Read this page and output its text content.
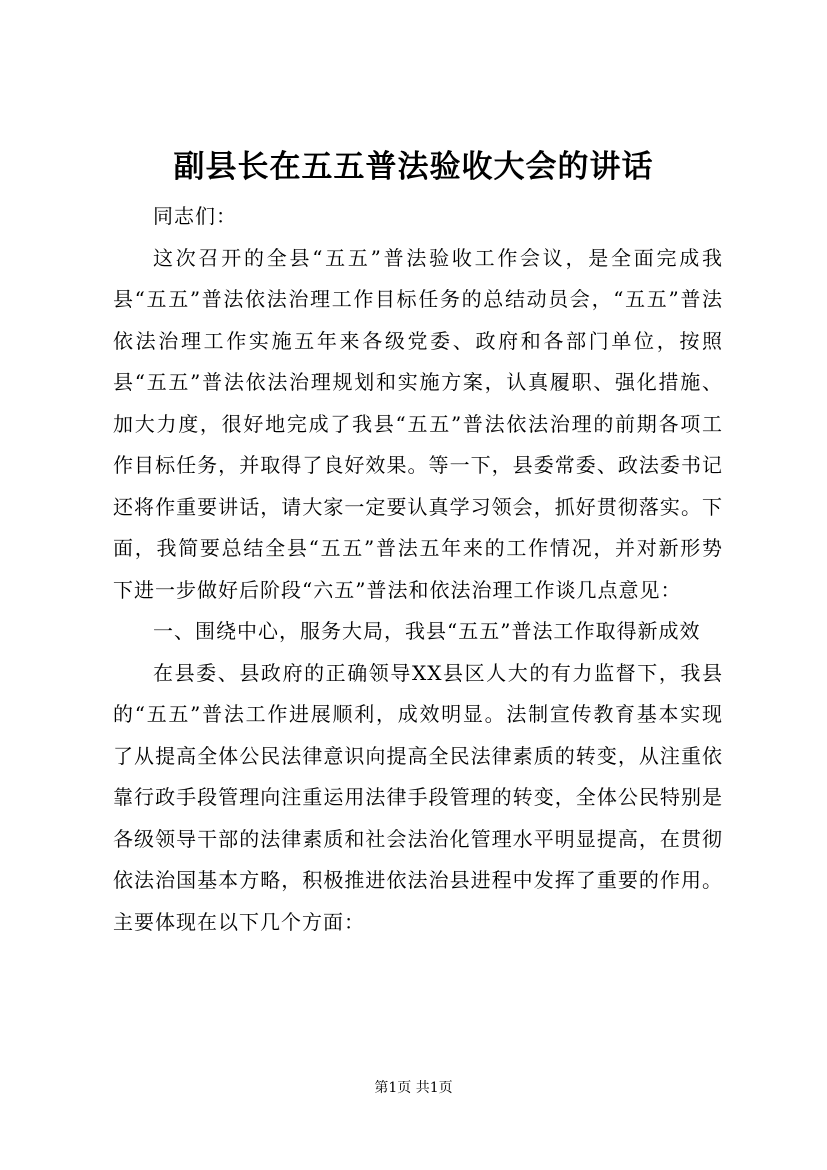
副县长在五五普法验收大会的讲话

同志们：

这次召开的全县“五五”普法验收工作会议，是全面完成我县“五五”普法依法治理工作目标任务的总结动员会，“五五”普法依法治理工作实施五年来各级党委、政府和各部门单位，按照县“五五”普法依法治理规划和实施方案，认真履职、强化措施、加大力度，很好地完成了我县“五五”普法依法治理的前期各项工作目标任务，并取得了良好效果。等一下，县委常委、政法委书记还将作重要讲话，请大家一定要认真学习领会，抓好贯彻落实。下面，我简要总结全县“五五”普法五年来的工作情况，并对新形势下进一步做好后阶段“六五”普法和依法治理工作谈几点意见：

一、围绕中心，服务大局，我县“五五”普法工作取得新成效

在县委、县政府的正确领导XX县区人大的有力监督下，我县的“五五”普法工作进展顺利，成效明显。法制宣传教育基本实现了从提高全体公民法律意识向提高全民法律素质的转变，从注重依靠行政手段管理向注重运用法律手段管理的转变，全体公民特别是各级领导干部的法律素质和社会法治化管理水平明显提高，在贯彻依法治国基本方略，积极推进依法治县进程中发挥了重要的作用。主要体现在以下几个方面：

第1页 共1页
